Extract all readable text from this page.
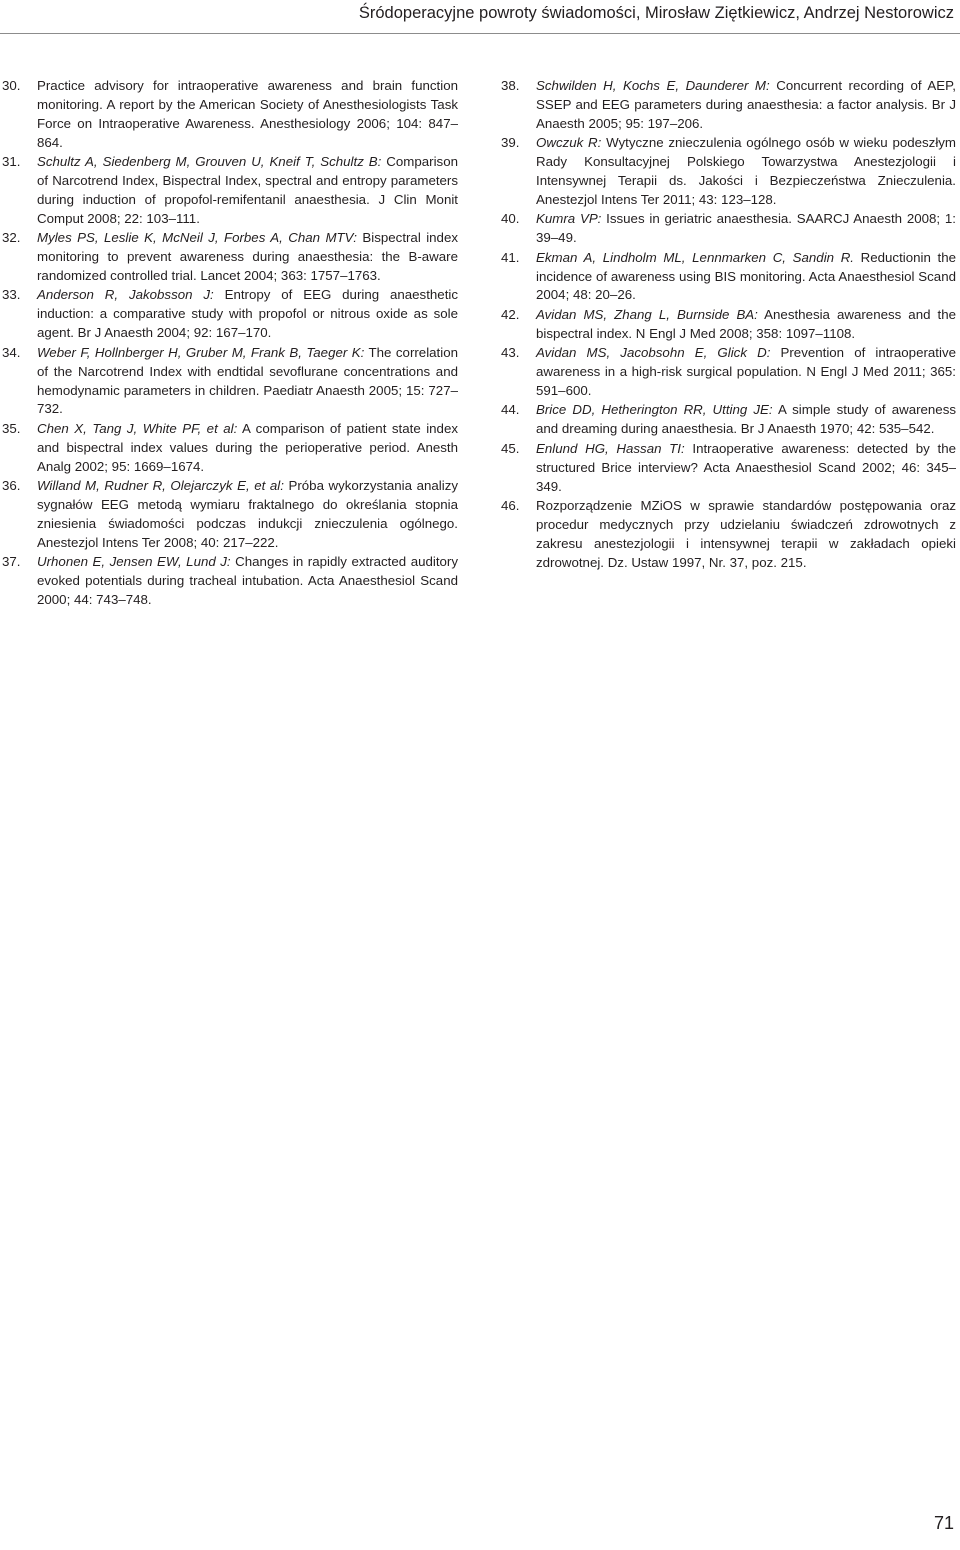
Śródoperacyjne powroty świadomości, Mirosław Ziętkiewicz, Andrzej Nestorowicz
30. Practice advisory for intraoperative awareness and brain function monitoring. A report by the American Society of Anesthesiologists Task Force on Intraoperative Awareness. Anesthesiology 2006; 104: 847–864.
31. Schultz A, Siedenberg M, Grouven U, Kneif T, Schultz B: Comparison of Narcotrend Index, Bispectral Index, spectral and entropy parameters during induction of propofol-remifentanil anaesthesia. J Clin Monit Comput 2008; 22: 103–111.
32. Myles PS, Leslie K, McNeil J, Forbes A, Chan MTV: Bispectral index monitoring to prevent awareness during anaesthesia: the B-aware randomized controlled trial. Lancet 2004; 363: 1757–1763.
33. Anderson R, Jakobsson J: Entropy of EEG during anaesthetic induction: a comparative study with propofol or nitrous oxide as sole agent. Br J Anaesth 2004; 92: 167–170.
34. Weber F, Hollnberger H, Gruber M, Frank B, Taeger K: The correlation of the Narcotrend Index with endtidal sevoflurane concentrations and hemodynamic parameters in children. Paediatr Anaesth 2005; 15: 727–732.
35. Chen X, Tang J, White PF, et al: A comparison of patient state index and bispectral index values during the perioperative period. Anesth Analg 2002; 95: 1669–1674.
36. Willand M, Rudner R, Olejarczyk E, et al: Próba wykorzystania analizy sygnałów EEG metodą wymiaru fraktalnego do określania stopnia zniesienia świadomości podczas indukcji znieczulenia ogólnego. Anestezjol Intens Ter 2008; 40: 217–222.
37. Urhonen E, Jensen EW, Lund J: Changes in rapidly extracted auditory evoked potentials during tracheal intubation. Acta Anaesthesiol Scand 2000; 44: 743–748.
38. Schwilden H, Kochs E, Daunderer M: Concurrent recording of AEP, SSEP and EEG parameters during anaesthesia: a factor analysis. Br J Anaesth 2005; 95: 197–206.
39. Owczuk R: Wytyczne znieczulenia ogólnego osób w wieku podeszłym Rady Konsultacyjnej Polskiego Towarzystwa Anestezjologii i Intensywnej Terapii ds. Jakości i Bezpieczeństwa Znieczulenia. Anestezjol Intens Ter 2011; 43: 123–128.
40. Kumra VP: Issues in geriatric anaesthesia. SAARCJ Anaesth 2008; 1: 39–49.
41. Ekman A, Lindholm ML, Lennmarken C, Sandin R. Reductionin the incidence of awareness using BIS monitoring. Acta Anaesthesiol Scand 2004; 48: 20–26.
42. Avidan MS, Zhang L, Burnside BA: Anesthesia awareness and the bispectral index. N Engl J Med 2008; 358: 1097–1108.
43. Avidan MS, Jacobsohn E, Glick D: Prevention of intraoperative awareness in a high-risk surgical population. N Engl J Med 2011; 365: 591–600.
44. Brice DD, Hetherington RR, Utting JE: A simple study of awareness and dreaming during anaesthesia. Br J Anaesth 1970; 42: 535–542.
45. Enlund HG, Hassan TI: Intraoperative awareness: detected by the structured Brice interview? Acta Anaesthesiol Scand 2002; 46: 345–349.
46. Rozporządzenie MZiOS w sprawie standardów postępowania oraz procedur medycznych przy udzielaniu świadczeń zdrowotnych z zakresu anestezjologii i intensywnej terapii w zakładach opieki zdrowotnej. Dz. Ustaw 1997, Nr. 37, poz. 215.
71
